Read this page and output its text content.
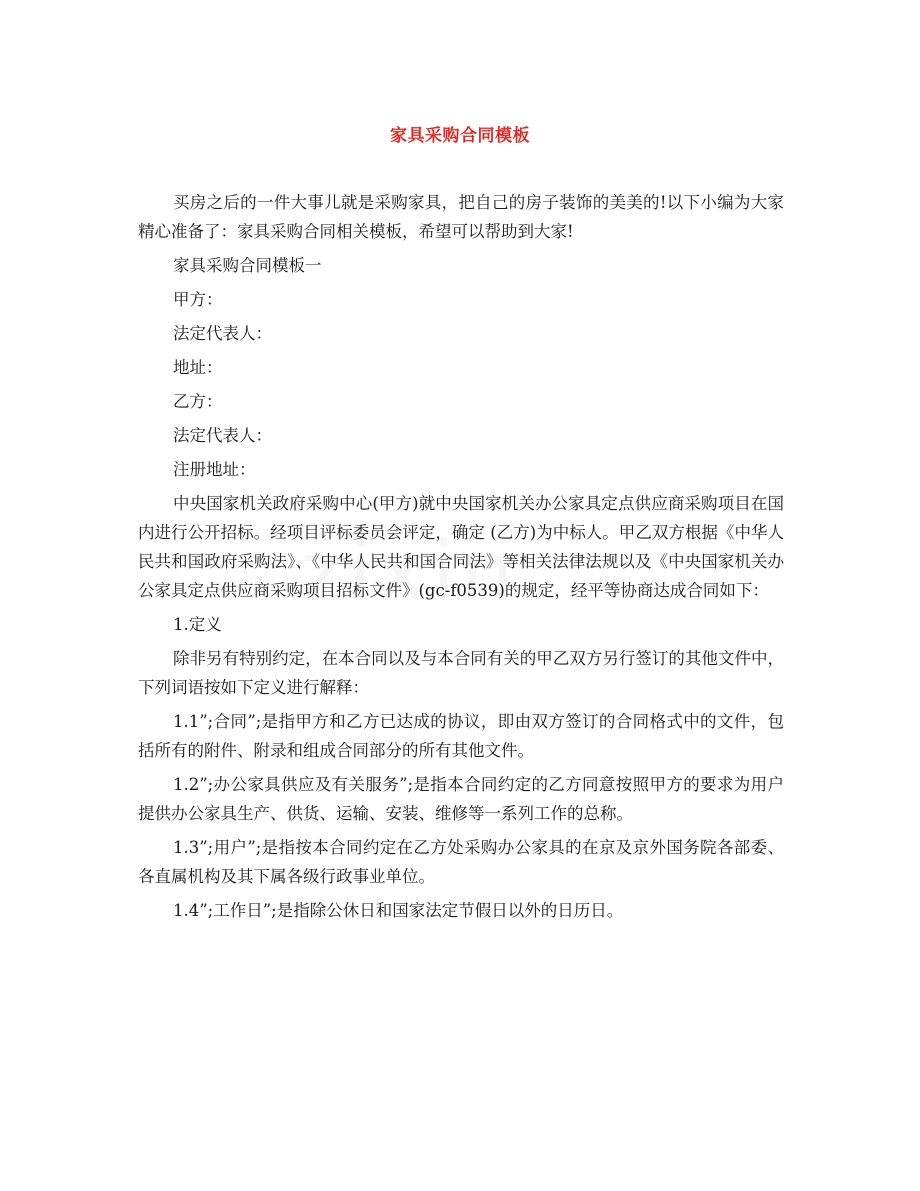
家具采购合同模板

买房之后的一件大事儿就是采购家具，把自己的房子装饰的美美的!以下小编为大家精心准备了：家具采购合同相关模板，希望可以帮助到大家!

家具采购合同模板一

甲方：

法定代表人：

地址：

乙方：

法定代表人：

注册地址：

中央国家机关政府采购中心(甲方)就中央国家机关办公家具定点供应商采购项目在国内进行公开招标。经项目评标委员会评定，确定 (乙方)为中标人。甲乙双方根据《中华人民共和国政府采购法》、《中华人民共和国合同法》等相关法律法规以及《中央国家机关办公家具定点供应商采购项目招标文件》(gc-f0539)的规定，经平等协商达成合同如下：

1.定义

除非另有特别约定，在本合同以及与本合同有关的甲乙双方另行签订的其他文件中，下列词语按如下定义进行解释：

1.1”;合同”;是指甲方和乙方已达成的协议，即由双方签订的合同格式中的文件，包括所有的附件、附录和组成合同部分的所有其他文件。

1.2”;办公家具供应及有关服务”;是指本合同约定的乙方同意按照甲方的要求为用户提供办公家具生产、供货、运输、安装、维修等一系列工作的总称。

1.3”;用户”;是指按本合同约定在乙方处采购办公家具的在京及京外国务院各部委、各直属机构及其下属各级行政事业单位。

1.4”;工作日”;是指除公休日和国家法定节假日以外的日历日。
